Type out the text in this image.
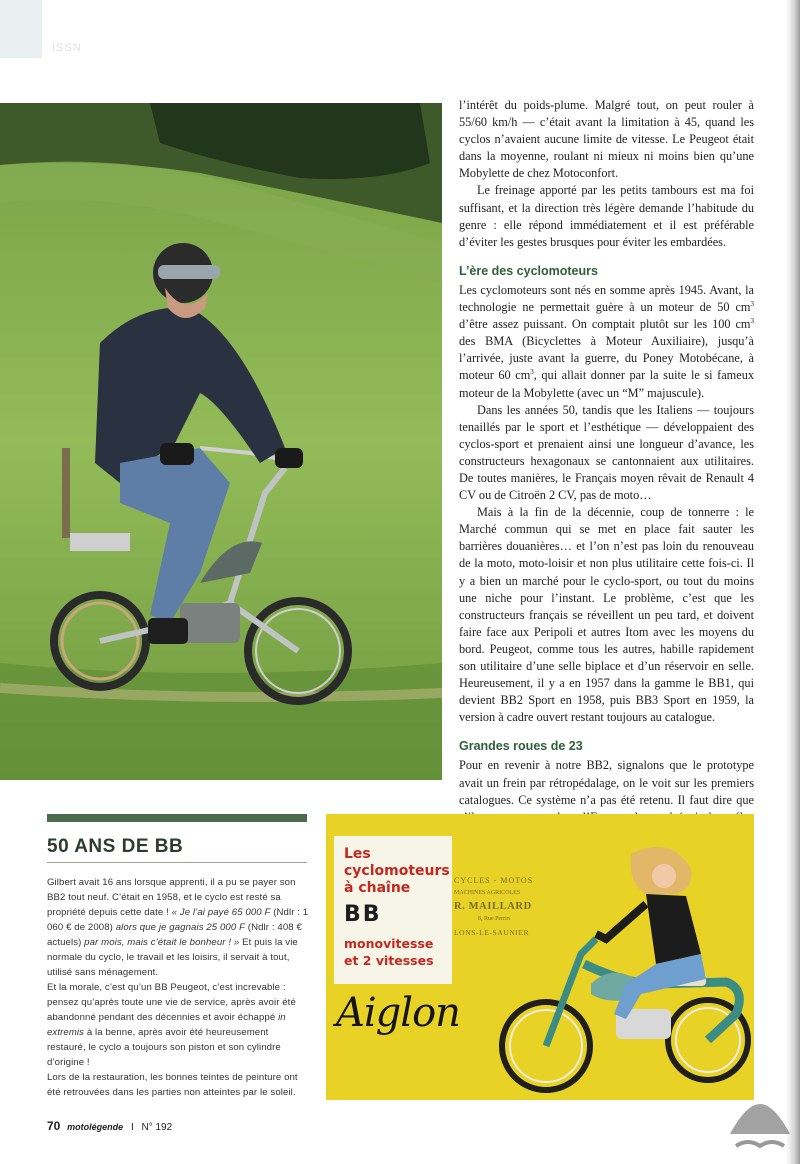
ISSN

l’intérêt du poids-plume. Malgré tout, on peut rouler à 55/60 km/h — c’était avant la limitation à 45, quand les cyclos n’avaient aucune limite de vitesse. Le Peugeot était dans la moyenne, roulant ni mieux ni moins bien qu’une Mobylette de chez Motoconfort.

Le freinage apporté par les petits tambours est ma foi suffisant, et la direction très légère demande l’habitude du genre : elle répond immédiatement et il est préférable d’éviter les gestes brusques pour éviter les embardées.

L’ère des cyclomoteurs

Les cyclomoteurs sont nés en somme après 1945. Avant, la technologie ne permettait guère à un moteur de 50 $cm^3$ d’être assez puissant. On comptait plutôt sur les 100 $cm^3$ des BMA (Bicyclettes à Moteur Auxiliaire), jusqu’à l’arrivée, juste avant la guerre, du Poney Motobécane, à moteur 60 $cm^3$, qui allait donner par la suite le si fameux moteur de la Mobylette (avec un “M” majuscule).

Dans les années 50, tandis que les Italiens — toujours tenaillés par le sport et l’esthétique — développaient des cyclos-sport et prenaient ainsi une longueur d’avance, les constructeurs hexagonaux se cantonnaient aux utilitaires. De toutes manières, le Français moyen rêvait de Renault 4 CV ou de Citroën 2 CV, pas de moto…

Mais à la fin de la décennie, coup de tonnerre : le Marché commun qui se met en place fait sauter les barrières douanières… et l’on n’est pas loin du renouveau de la moto, moto-loisir et non plus utilitaire cette fois-ci. Il y a bien un marché pour le cyclo-sport, ou tout du moins une niche pour l’instant. Le problème, c’est que les constructeurs français se réveillent un peu tard, et doivent faire face aux Peripoli et autres Itom avec les moyens du bord. Peugeot, comme tous les autres, habille rapidement son utilitaire d’une selle biplace et d’un réservoir en selle. Heureusement, il y a en 1957 dans la gamme le BB1, qui devient BB2 Sport en 1958, puis BB3 Sport en 1959, la version à cadre ouvert restant toujours au catalogue.

Grandes roues de 23

Pour en revenir à notre BB2, signalons que le prototype avait un frein par rétropédalage, on le voit sur les premiers catalogues. Ce système n’a pas été retenu. Il faut dire que

50 ANS DE BB
Gilbert avait 16 ans lorsque apprenti, il a pu se payer son BB2 tout neuf. C’était en 1958, et le cyclo est resté sa propriété depuis cette date ! « Je l’ai payé 65 000 F (Ndlr : 1 060 € de 2008) alors que je gagnais 25 000 F (Ndlr : 408 € actuels) par mois, mais c’était le bonheur ! » Et puis la vie normale du cyclo, le travail et les loisirs, il servait à tout, utilisé sans ménagement.
Et la morale, c’est qu’un BB Peugeot, c’est increvable : pensez qu’après toute une vie de service, après avoir été abandonné pendant des décennies et avoir échappé in extremis à la benne, après avoir été heureusement restauré, le cyclo a toujours son piston et son cylindre d’origine !
Lors de la restauration, les bonnes teintes de peinture ont été retrouvées dans les parties non atteintes par le soleil.
Les
cyclomoteurs
à chaîne
BB
monovitesse
et 2 vitesses
CYCLES - MOTOS
MACHINES AGRICOLES
R. MAILLARD
8, Rue Perrin
LONS-LE-SAUNIER
Aiglon
70 motolégende I N° 192
